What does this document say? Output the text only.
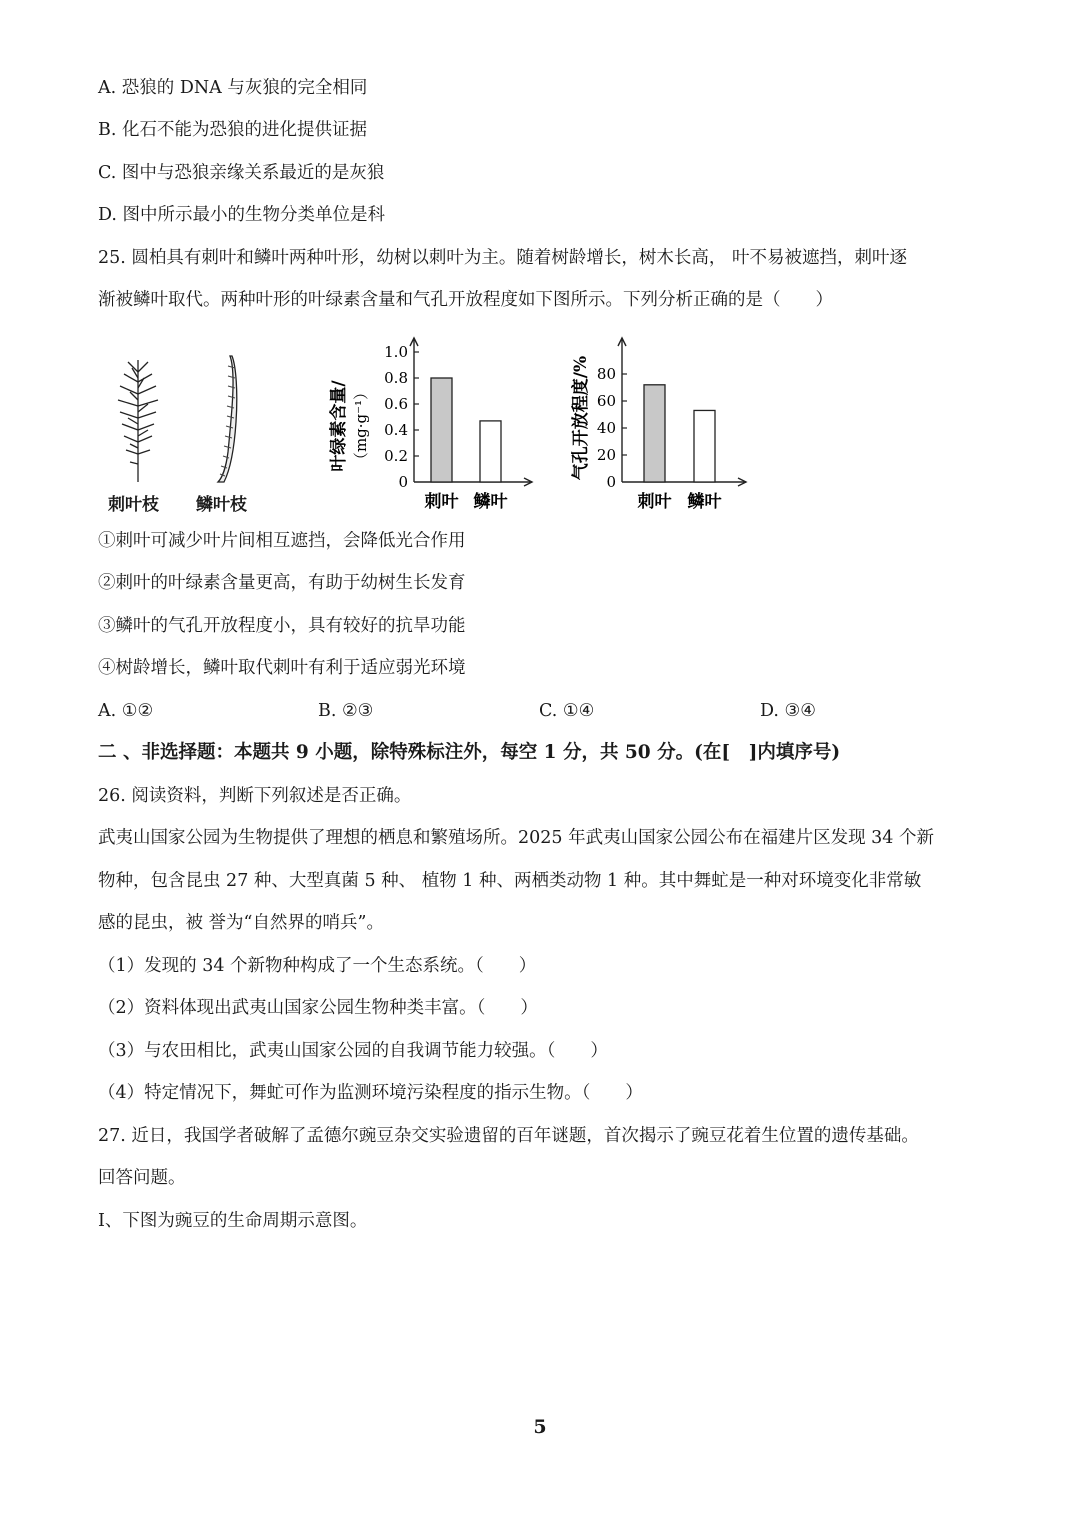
A. 恐狼的 DNA 与灰狼的完全相同
B. 化石不能为恐狼的进化提供证据
C. 图中与恐狼亲缘关系最近的是灰狼
D. 图中所示最小的生物分类单位是科
25. 圆柏具有刺叶和鳞叶两种叶形，幼树以刺叶为主。随着树龄增长，树木长高， 叶不易被遮挡，刺叶逐
渐被鳞叶取代。两种叶形的叶绿素含量和气孔开放程度如下图所示。下列分析正确的是（　　）
刺叶枝 鳞叶枝
叶绿素含量/ （mg·g⁻¹）
0
0.2
0.4
0.6
0.8
1.0
刺叶 鳞叶
气孔开放程度/%
0
20
40
60
80
刺叶 鳞叶
①刺叶可减少叶片间相互遮挡，会降低光合作用
②刺叶的叶绿素含量更高，有助于幼树生长发育
③鳞叶的气孔开放程度小，具有较好的抗旱功能
④树龄增长，鳞叶取代刺叶有利于适应弱光环境
A. ①②	B. ②③	C. ①④	D. ③④
二 、非选择题：本题共 9 小题，除特殊标注外，每空 1 分，共 50 分。(在[　]内填序号)
26. 阅读资料，判断下列叙述是否正确。
武夷山国家公园为生物提供了理想的栖息和繁殖场所。2025 年武夷山国家公园公布在福建片区发现 34 个新
物种，包含昆虫 27 种、大型真菌 5 种、 植物 1 种、两栖类动物 1 种。其中舞虻是一种对环境变化非常敏
感的昆虫，被 誉为“自然界的哨兵”。
（1）发现的 34 个新物种构成了一个生态系统。（　　）
（2）资料体现出武夷山国家公园生物种类丰富。（　　）
（3）与农田相比，武夷山国家公园的自我调节能力较强。（　　）
（4）特定情况下，舞虻可作为监测环境污染程度的指示生物。（　　）
27. 近日，我国学者破解了孟德尔豌豆杂交实验遗留的百年谜题，首次揭示了豌豆花着生位置的遗传基础。
回答问题。
I、下图为豌豆的生命周期示意图。
5
